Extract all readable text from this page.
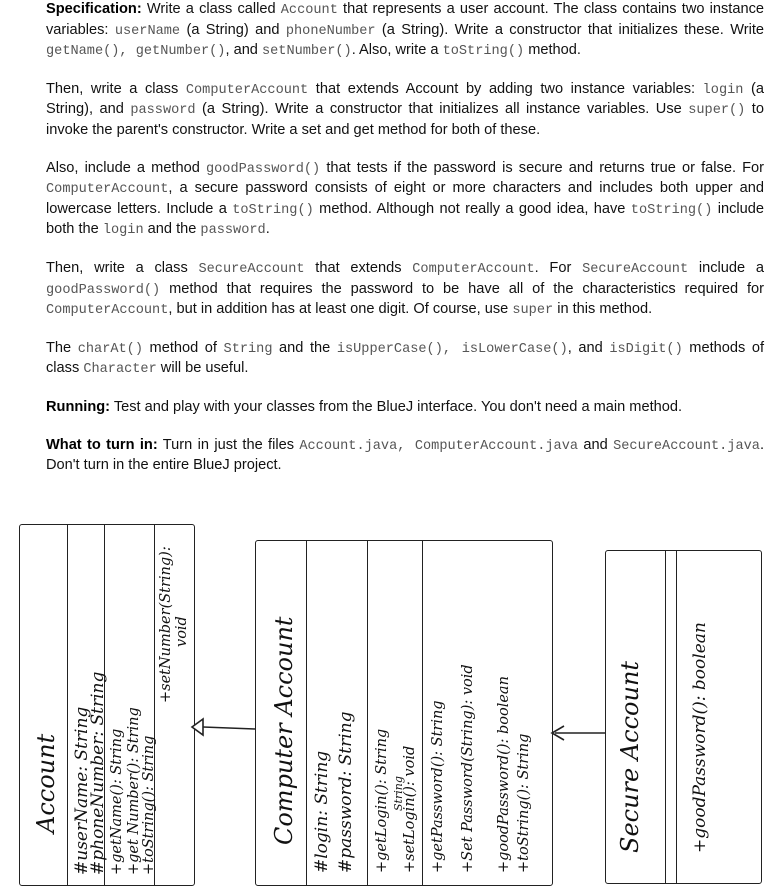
Specification: Write a class called Account that represents a user account. The class contains two instance variables: userName (a String) and phoneNumber (a String). Write a constructor that initializes these. Write getName(), getNumber(), and setNumber(). Also, write a toString() method.

Then, write a class ComputerAccount that extends Account by adding two instance variables: login (a String), and password (a String). Write a constructor that initializes all instance variables. Use super() to invoke the parent's constructor. Write a set and get method for both of these.

Also, include a method goodPassword() that tests if the password is secure and returns true or false. For ComputerAccount, a secure password consists of eight or more characters and includes both upper and lowercase letters. Include a toString() method. Although not really a good idea, have toString() include both the login and the password.

Then, write a class SecureAccount that extends ComputerAccount. For SecureAccount include a goodPassword() method that requires the password to be have all of the characteristics required for ComputerAccount, but in addition has at least one digit. Of course, use super in this method.

The charAt() method of String and the isUpperCase(), isLowerCase(), and isDigit() methods of class Character will be useful.

Running: Test and play with your classes from the BlueJ interface. You don't need a main method.

What to turn in: Turn in just the files Account.java, ComputerAccount.java and SecureAccount.java. Don't turn in the entire BlueJ project.

Account #userName: String
#phoneNumber: String +getName(): String +get Number(): String +toString(): String
+setNumber(String): void	Computer Account #login: String #password: String +getLogin(): String String
+setLogin(): void +getPassword(): String +Set Password(String): void +goodPassword(): boolean +toString(): String	Secure Account	+goodPassword(): boolean
